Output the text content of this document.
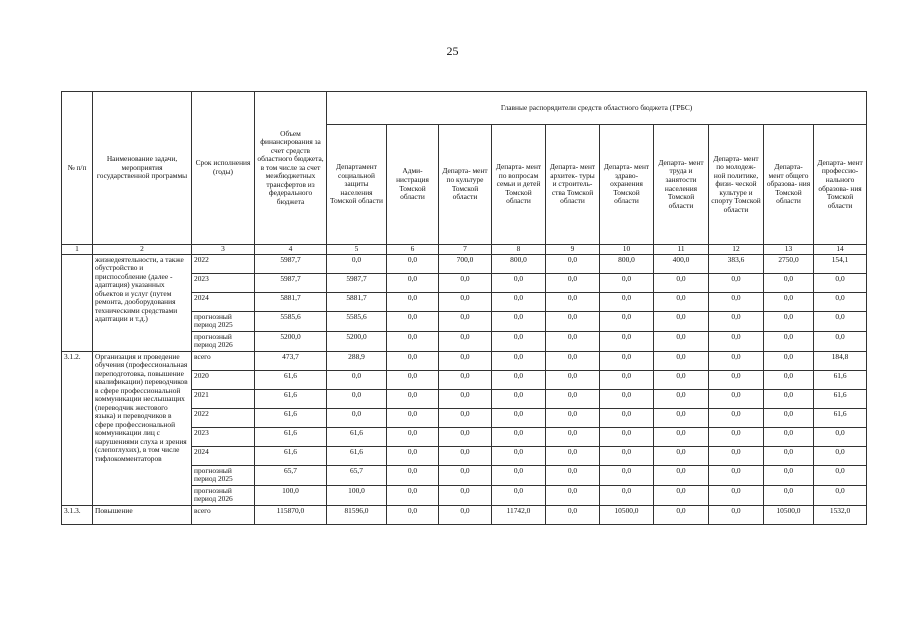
25
№ п/п	Наименование задачи, мероприятия государственной программы	Срок исполнения (годы)	Объем финансирования за счет средств областного бюджета, в том числе за счет межбюджетных трансфертов из федерального бюджета	Главные распорядители средств областного бюджета (ГРБС)									
				Департамент социальной защиты населения Томской области	Адми- нистрация Томской области	Департа- мент по культуре Томской области	Департа- мент по вопросам семьи и детей Томской области	Департа- мент архитек- туры и строитель- ства Томской области	Департа- мент здраво- охранения Томской области	Департа- мент труда и занятости населения Томской области	Департа- мент по молодеж- ной политике, физи- ческой культуре и спорту Томской области	Департа- мент общего образова- ния Томской области	Департа- мент профессио- нального образова- ния Томской области
1	2	3	4	5	6	7	8	9	10	11	12	13	14
	жизнедеятельности, а также обустройство и приспособление (далее - адаптация) указанных объектов и услуг (путем ремонта, дооборудования техническими средствами адаптации и т.д.)	2022	5987,7	0,0	0,0	700,0	800,0	0,0	800,0	400,0	383,6	2750,0	154,1
		2023	5987,7	5987,7	0,0	0,0	0,0	0,0	0,0	0,0	0,0	0,0	0,0
		2024	5881,7	5881,7	0,0	0,0	0,0	0,0	0,0	0,0	0,0	0,0	0,0
		прогнозный период 2025	5585,6	5585,6	0,0	0,0	0,0	0,0	0,0	0,0	0,0	0,0	0,0
		прогнозный период 2026	5200,0	5200,0	0,0	0,0	0,0	0,0	0,0	0,0	0,0	0,0	0,0
3.1.2.	Организация и проведение обучения (профессиональная переподготовка, повышение квалификации) переводчиков в сфере профессиональной коммуникации неслышащих (переводчик жестового языка) и переводчиков в сфере профессиональной коммуникации лиц с нарушениями слуха и зрения (слепоглухих), в том числе тифлокомментаторов	всего	473,7	288,9	0,0	0,0	0,0	0,0	0,0	0,0	0,0	0,0	184,8
		2020	61,6	0,0	0,0	0,0	0,0	0,0	0,0	0,0	0,0	0,0	61,6
		2021	61,6	0,0	0,0	0,0	0,0	0,0	0,0	0,0	0,0	0,0	61,6
		2022	61,6	0,0	0,0	0,0	0,0	0,0	0,0	0,0	0,0	0,0	61,6
		2023	61,6	61,6	0,0	0,0	0,0	0,0	0,0	0,0	0,0	0,0	0,0
		2024	61,6	61,6	0,0	0,0	0,0	0,0	0,0	0,0	0,0	0,0	0,0
		прогнозный период 2025	65,7	65,7	0,0	0,0	0,0	0,0	0,0	0,0	0,0	0,0	0,0
		прогнозный период 2026	100,0	100,0	0,0	0,0	0,0	0,0	0,0	0,0	0,0	0,0	0,0
3.1.3.	Повышение	всего	115870,0	81596,0	0,0	0,0	11742,0	0,0	10500,0	0,0	0,0	10500,0	1532,0
